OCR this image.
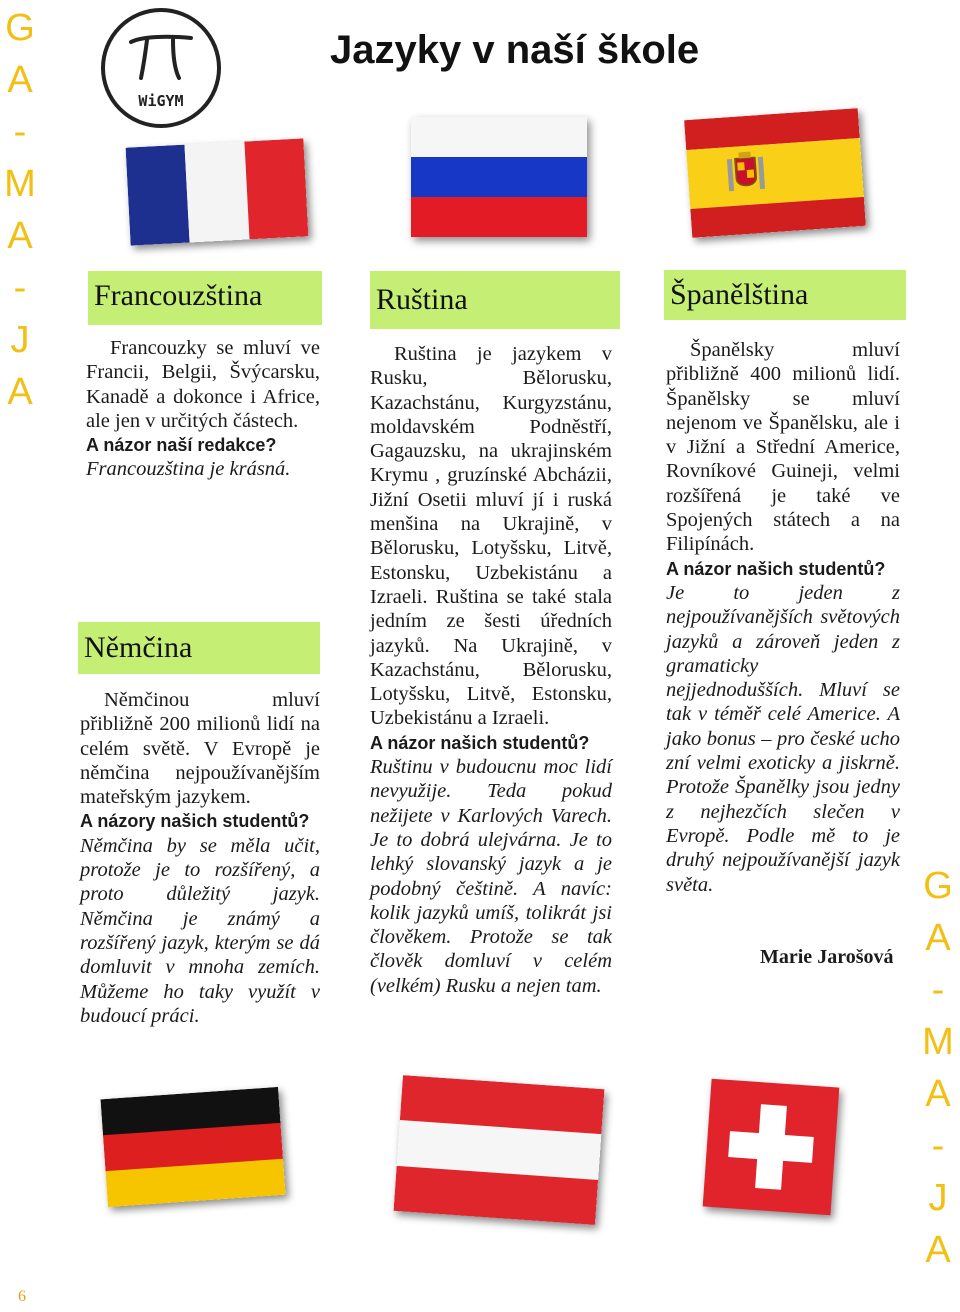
G
A
-
M
A
-
J
A
G
A
-
M
A
-
J
A
WiGYM
Jazyky v naší škole
Francouzština	Ruština	Španělština
Němčina

Francouzky se mluví ve Francii, Belgii, Švýcarsku, Kanadě a dokonce i Africe, ale jen v určitých částech.

A názor naší redakce?

Francouzština je krásná.

Němčinou mluví přibližně 200 milionů lidí na celém světě. V Evropě je němčina nejpoužívanějším mateřským jazykem.

A názory našich studentů?

Němčina by se měla učit, protože je to rozšířený, a proto důležitý jazyk. Němčina je známý a rozšířený jazyk, kterým se dá domluvit v mnoha zemích. Můžeme ho taky využít v budoucí práci.

Ruština je jazykem v Rusku, Bělorusku, Kazachstánu, Kurgyzstánu, moldavském Podněstří, Gagauzsku, na ukrajinském Krymu , gruzínské Abcházii, Jižní Osetii mluví jí i ruská menšina na Ukrajině, v Bělorusku, Lotyšsku, Litvě, Estonsku, Uzbekistánu a Izraeli. Ruština se také stala jedním ze šesti úředních jazyků. Na Ukrajině, v Kazachstánu, Bělorusku, Lotyšsku, Litvě, Estonsku, Uzbekistánu a Izraeli.

A názor našich studentů?

Ruštinu v budoucnu moc lidí nevyužije. Teda pokud nežijete v Karlových Varech. Je to dobrá ulejvárna. Je to lehký slovanský jazyk a je podobný češtině. A navíc: kolik jazyků umíš, tolikrát jsi člověkem. Protože se tak člověk domluví v celém (velkém) Rusku a nejen tam.

Španělsky mluví přibližně 400 milionů lidí. Španělsky se mluví nejenom ve Španělsku, ale i v Jižní a Střední Americe, Rovníkové Guineji, velmi rozšířená je také ve Spojených státech a na Filipínách.

A názor našich studentů?

Je to jeden z nejpoužívanějších světových jazyků a zároveň jeden z gramaticky nejjednodušších. Mluví se tak v téměř celé Americe. A jako bonus – pro české ucho zní velmi exoticky a jiskrně. Protože Španělky jsou jedny z nejhezčích slečen v Evropě. Podle mě to je druhý nejpoužívanější jazyk světa.

Marie Jarošová
6
